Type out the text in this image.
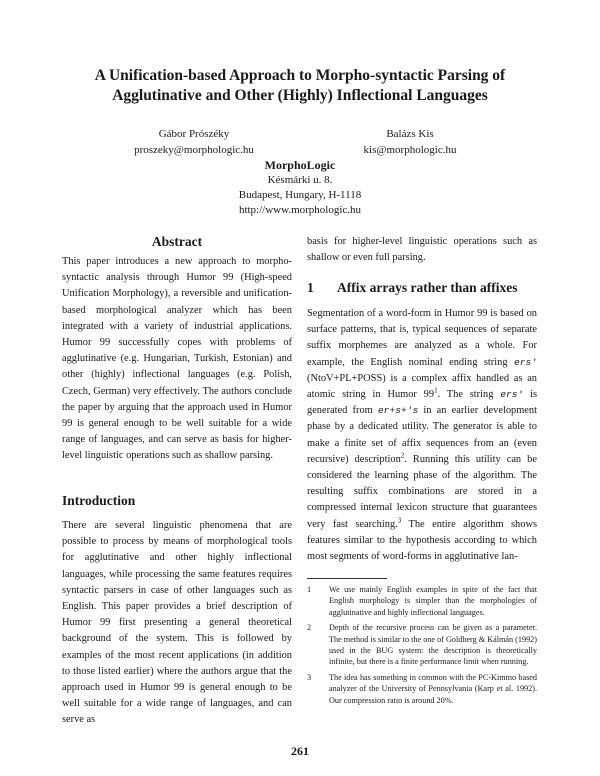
A Unification-based Approach to Morpho-syntactic Parsing of
Agglutinative and Other (Highly) Inflectional Languages
Gábor Prószéky
proszeky@morphologic.hu
Balázs Kis
kis@morphologic.hu
MorphoLogic
Késmárki u. 8.
Budapest, Hungary, H-1118
http://www.morphologic.hu
Abstract

This paper introduces a new approach to morpho-syntactic analysis through Humor 99 (High-speed Unification Morphology), a reversible and unification-based morphological analyzer which has been integrated with a variety of industrial applications. Humor 99 successfully copes with problems of agglutinative (e.g. Hungarian, Turkish, Estonian) and other (highly) inflectional languages (e.g. Polish, Czech, German) very effectively. The authors conclude the paper by arguing that the approach used in Humor 99 is general enough to be well suitable for a wide range of languages, and can serve as basis for higher-level linguistic operations such as shallow parsing.

Introduction

There are several linguistic phenomena that are possible to process by means of morphological tools for agglutinative and other highly inflectional languages, while processing the same features requires syntactic parsers in case of other languages such as English. This paper provides a brief description of Humor 99 first presenting a general theoretical background of the system. This is followed by examples of the most recent applications (in addition to those listed earlier) where the authors argue that the approach used in Humor 99 is general enough to be well suitable for a wide range of languages, and can serve as

basis for higher-level linguistic operations such as shallow or even full parsing.

1 Affix arrays rather than affixes

Segmentation of a word-form in Humor 99 is based on surface patterns, that is, typical sequences of separate suffix morphemes are analyzed as a whole. For example, the English nominal ending string ers' (NtoV+PL+POSS) is a complex affix handled as an atomic string in Humor $99^1$. The string ers' is generated from er+s+'s in an earlier development phase by a dedicated utility. The generator is able to make a finite set of affix sequences from an (even recursive) description$^2$. Running this utility can be considered the learning phase of the algorithm. The resulting suffix combinations are stored in a compressed internal lexicon structure that guarantees very fast searching.$^3$ The entire algorithm shows features similar to the hypothesis according to which most segments of word-forms in agglutinative lan-

1 We use mainly English examples in spite of the fact that English morphology is simpler than the morphologies of agglutinative and highly inflectional languages.
2 Depth of the recursive process can be given as a parameter. The method is similar to the one of Goldberg & Kálmán (1992) used in the BUG system: the description is theoretically infinite, but there is a finite performance limit when running.
3 The idea has something in common with the PC-Kimmo based analyzer of the University of Pennsylvania (Karp et al. 1992). Our compression ratio is around 20%.
261
